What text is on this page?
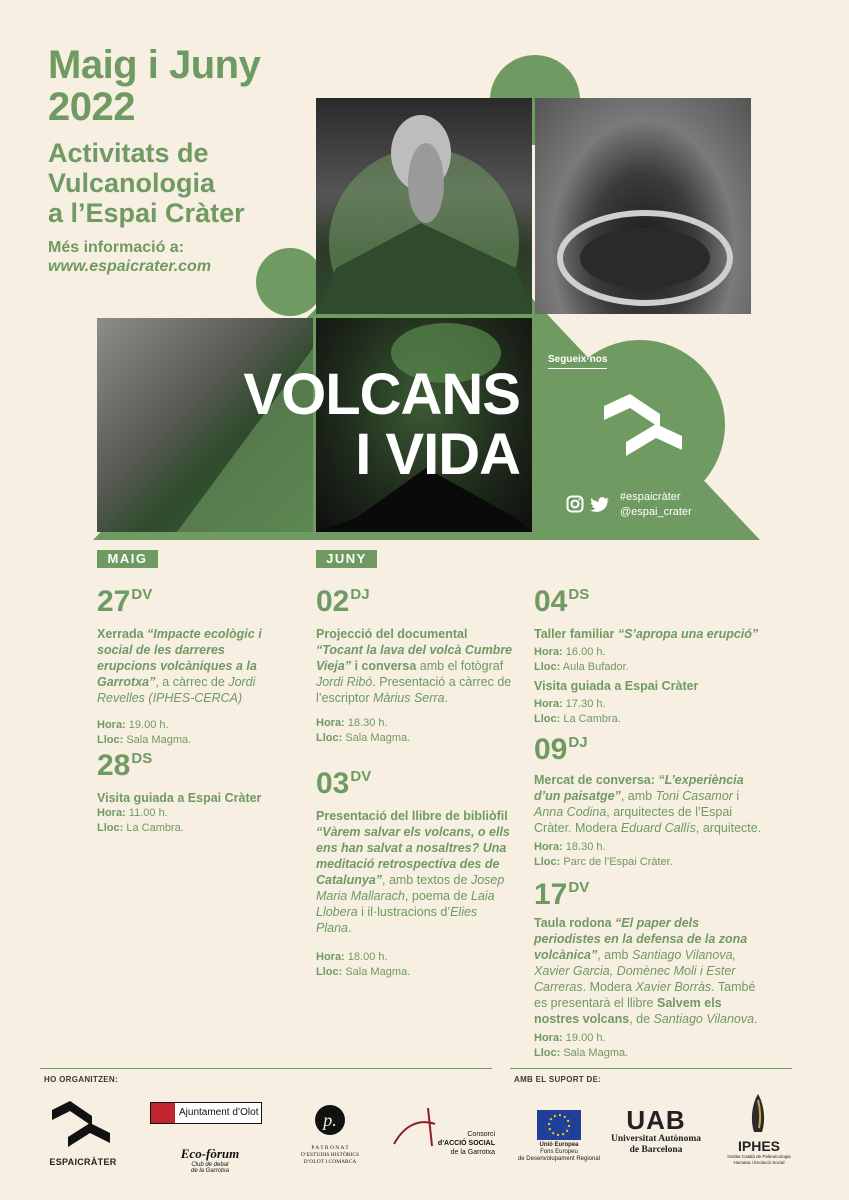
Maig i Juny
2022
Activitats de
Vulcanologia
a l’Espai Cràter
Més informació a:
www.espaicrater.com
VOLCANS
I VIDA
Segueix·nos
#espaicràter
@espai_crater
MAIG
$27^{DV}$
Xerrada “Impacte ecològic i social de les darreres erupcions volcàniques a la Garrotxa”, a càrrec de Jordi Revelles (IPHES-CERCA)
Hora: 19.00 h.
Lloc: Sala Magma.
$28^{DS}$
Visita guiada a Espai Cràter
Hora: 11.00 h.
Lloc: La Cambra.
JUNY
$02^{DJ}$
Projecció del documental “Tocant la lava del volcà Cumbre Vieja” i conversa amb el fotògraf Jordi Ribó. Presentació a càrrec de l’escriptor Màrius Serra.
Hora: 18.30 h.
Lloc: Sala Magma.
$03^{DV}$
Presentació del llibre de bibliòfil “Vàrem salvar els volcans, o ells ens han salvat a nosaltres? Una meditació retrospectiva des de Catalunya”, amb textos de Josep Maria Mallarach, poema de Laia Llobera i il·lustracions d’Elies Plana.
Hora: 18.00 h.
Lloc: Sala Magma.
$04^{DS}$
Taller familiar “S’apropa una erupció”
Hora: 16.00 h.
Lloc: Aula Bufador.
Visita guiada a Espai Cràter
Hora: 17.30 h.
Lloc: La Cambra.
$09^{DJ}$
Mercat de conversa: “L’experiència d’un paisatge”, amb Toni Casamor i Anna Codina, arquitectes de l’Espai Cràter. Modera Eduard Callís, arquitecte.
Hora: 18.30 h.
Lloc: Parc de l’Espai Cràter.
$17^{DV}$
Taula rodona “El paper dels periodistes en la defensa de la zona volcànica”, amb Santiago Vilanova, Xavier Garcia, Domènec Moli i Ester Carreras. Modera Xavier Borràs. També es presentarà el llibre Salvem els nostres volcans, de Santiago Vilanova.
Hora: 19.00 h.
Lloc: Sala Magma.
HO ORGANITZEN:	AMB EL SUPORT DE:
ESPAICRÀTER
Ajuntament d’Olot
Eco-fòrum
Club de debat
de la Garrotxa
p.
P A T R O N A T
D’ESTUDIS HISTÒRICS
D’OLOT I COMARCA
Consorci
d’ACCIÓ SOCIAL
de la Garrotxa
Unió Europea
Fons Europeu
de Desenvolupament Regional
UAB
Universitat Autònoma
de Barcelona	IPHES
Institut Català de Paleoecologia
Humana i Evolució Social
